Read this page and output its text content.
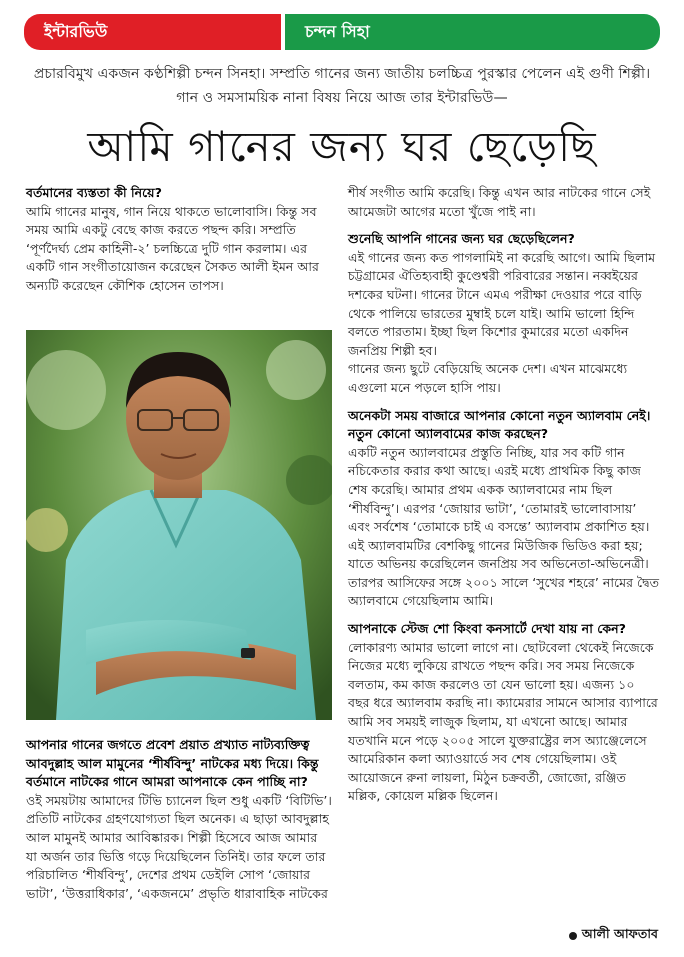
ইন্টারভিউ	চন্দন সিহা

প্রচারবিমুখ একজন কণ্ঠশিল্পী চন্দন সিনহা। সম্প্রতি গানের জন্য জাতীয় চলচ্চিত্র পুরস্কার পেলেন এই গুণী শিল্পী। গান ও সমসাময়িক নানা বিষয় নিয়ে আজ তার ইন্টারভিউ—

আমি গানের জন্য ঘর ছেড়েছি
বর্তমানের ব্যস্ততা কী নিয়ে?
আমি গানের মানুষ, গান নিয়ে থাকতে ভালোবাসি। কিন্তু সব সময় আমি একটু বেছে কাজ করতে পছন্দ করি। সম্প্রতি ‘পূর্ণদৈর্ঘ্য প্রেম কাহিনী-২’ চলচ্চিত্রে দুটি গান করলাম। এর একটি গান সংগীতায়োজন করেছেন সৈকত আলী ইমন আর অন্যটি করেছেন কৌশিক হোসেন তাপস।
আপনার গানের জগতে প্রবেশ প্রয়াত প্রখ্যাত নাট্যব্যক্তিত্ব আবদুল্লাহ আল মামুনের ‘শীর্ষবিন্দু’ নাটকের মধ্য দিয়ে। কিন্তু বর্তমানে নাটকের গানে আমরা আপনাকে কেন পাচ্ছি না?
ওই সময়টায় আমাদের টিভি চ্যানেল ছিল শুধু একটি ‘বিটিভি’। প্রতিটি নাটকের গ্রহণযোগ্যতা ছিল অনেক। এ ছাড়া আবদুল্লাহ আল মামুনই আমার আবিষ্কারক। শিল্পী হিসেবে আজ আমার যা অর্জন তার ভিত্তি গড়ে দিয়েছিলেন তিনিই। তার ফলে তার পরিচালিত ‘শীর্ষবিন্দু’, দেশের প্রথম ডেইলি সোপ ‘জোয়ার ভাটা’, ‘উত্তরাধিকার’, ‘একজনমে’ প্রভৃতি ধারাবাহিক নাটকের
শীর্ষ সংগীত আমি করেছি। কিন্তু এখন আর নাটকের গানে সেই আমেজটা আগের মতো খুঁজে পাই না।
শুনেছি আপনি গানের জন্য ঘর ছেড়েছিলেন?
এই গানের জন্য কত পাগলামিই না করেছি আগে। আমি ছিলাম চট্টগ্রামের ঐতিহ্যবাহী কুণ্ডেশ্বরী পরিবারের সন্তান। নব্বইয়ের দশকের ঘটনা। গানের টানে এমএ পরীক্ষা দেওয়ার পরে বাড়ি থেকে পালিয়ে ভারতের মুম্বাই চলে যাই। আমি ভালো হিন্দি বলতে পারতাম। ইচ্ছা ছিল কিশোর কুমারের মতো একদিন জনপ্রিয় শিল্পী হব।
গানের জন্য ছুটে বেড়িয়েছি অনেক দেশ। এখন মাঝেমধ্যে এগুলো মনে পড়লে হাসি পায়।
অনেকটা সময় বাজারে আপনার কোনো নতুন অ্যালবাম নেই। নতুন কোনো অ্যালবামের কাজ করছেন?
একটি নতুন অ্যালবামের প্রস্তুতি নিচ্ছি, যার সব কটি গান নচিকেতার করার কথা আছে। এরই মধ্যে প্রাথমিক কিছু কাজ শেষ করেছি। আমার প্রথম একক অ্যালবামের নাম ছিল ‘শীর্ষবিন্দু’। এরপর ‘জোয়ার ভাটা’, ‘তোমারই ভালোবাসায়’ এবং সর্বশেষ ‘তোমাকে চাই এ বসন্তে’ অ্যালবাম প্রকাশিত হয়। এই অ্যালবামটির বেশকিছু গানের মিউজিক ভিডিও করা হয়; যাতে অভিনয় করেছিলেন জনপ্রিয় সব অভিনেতা-অভিনেত্রী। তারপর আসিফের সঙ্গে ২০০১ সালে ‘সুখের শহরে’ নামের দ্বৈত অ্যালবামে গেয়েছিলাম আমি।
আপনাকে স্টেজ শো কিংবা কনসার্টে দেখা যায় না কেন?
লোকারণ্য আমার ভালো লাগে না। ছোটবেলা থেকেই নিজেকে নিজের মধ্যে লুকিয়ে রাখতে পছন্দ করি। সব সময় নিজেকে বলতাম, কম কাজ করলেও তা যেন ভালো হয়। এজন্য ১০ বছর ধরে অ্যালবাম করছি না। ক্যামেরার সামনে আসার ব্যাপারে আমি সব সময়ই লাজুক ছিলাম, যা এখনো আছে। আমার যতখানি মনে পড়ে ২০০৫ সালে যুক্তরাষ্ট্রের লস অ্যাঞ্জেলেসে আমেরিকান কলা অ্যাওয়ার্ডে সব শেষ গেয়েছিলাম। ওই আয়োজনে রুনা লায়লা, মিঠুন চক্রবর্তী, জোজো, রঞ্জিত মল্লিক, কোয়েল মল্লিক ছিলেন।
আলী আফতাব
